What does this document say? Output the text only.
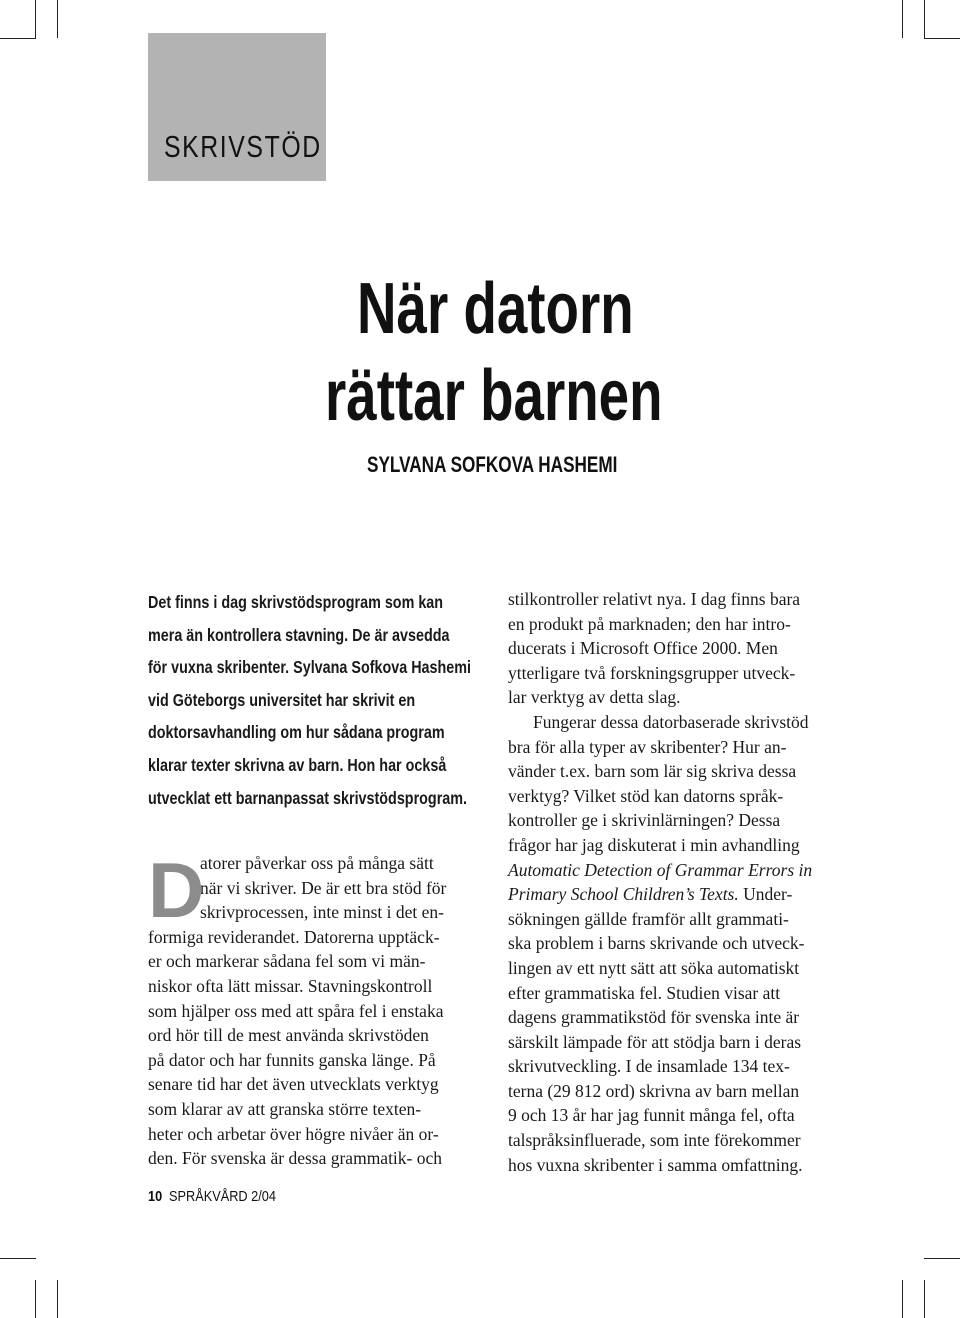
SKRIVSTÖD
När datorn
rättar barnen
SYLVANA SOFKOVA HASHEMI
Det finns i dag skrivstödsprogram som kan
mera än kontrollera stavning. De är avsedda
för vuxna skribenter. Sylvana Sofkova Hashemi
vid Göteborgs universitet har skrivit en
doktorsavhandling om hur sådana program
klarar texter skrivna av barn. Hon har också
utvecklat ett barnanpassat skrivstödsprogram.
D
atorer påverkar oss på många sätt
när vi skriver. De är ett bra stöd för
skrivprocessen, inte minst i det en-
formiga reviderandet. Datorerna upptäck-
er och markerar sådana fel som vi män-
niskor ofta lätt missar. Stavningskontroll
som hjälper oss med att spåra fel i enstaka
ord hör till de mest använda skrivstöden
på dator och har funnits ganska länge. På
senare tid har det även utvecklats verktyg
som klarar av att granska större texten-
heter och arbetar över högre nivåer än or-
den. För svenska är dessa grammatik- och
stilkontroller relativt nya. I dag finns bara
en produkt på marknaden; den har intro-
ducerats i Microsoft Office 2000. Men
ytterligare två forskningsgrupper utveck-
lar verktyg av detta slag.
Fungerar dessa datorbaserade skrivstöd
bra för alla typer av skribenter? Hur an-
vänder t.ex. barn som lär sig skriva dessa
verktyg? Vilket stöd kan datorns språk-
kontroller ge i skrivinlärningen? Dessa
frågor har jag diskuterat i min avhandling
Automatic Detection of Grammar Errors in
Primary School Children’s Texts. Under-
sökningen gällde framför allt grammati-
ska problem i barns skrivande och utveck-
lingen av ett nytt sätt att söka automatiskt
efter grammatiska fel. Studien visar att
dagens grammatikstöd för svenska inte är
särskilt lämpade för att stödja barn i deras
skrivutveckling. I de insamlade 134 tex-
terna (29 812 ord) skrivna av barn mellan
9 och 13 år har jag funnit många fel, ofta
talspråksinfluerade, som inte förekommer
hos vuxna skribenter i samma omfattning.
10 SPRÅKVÅRD 2/04
